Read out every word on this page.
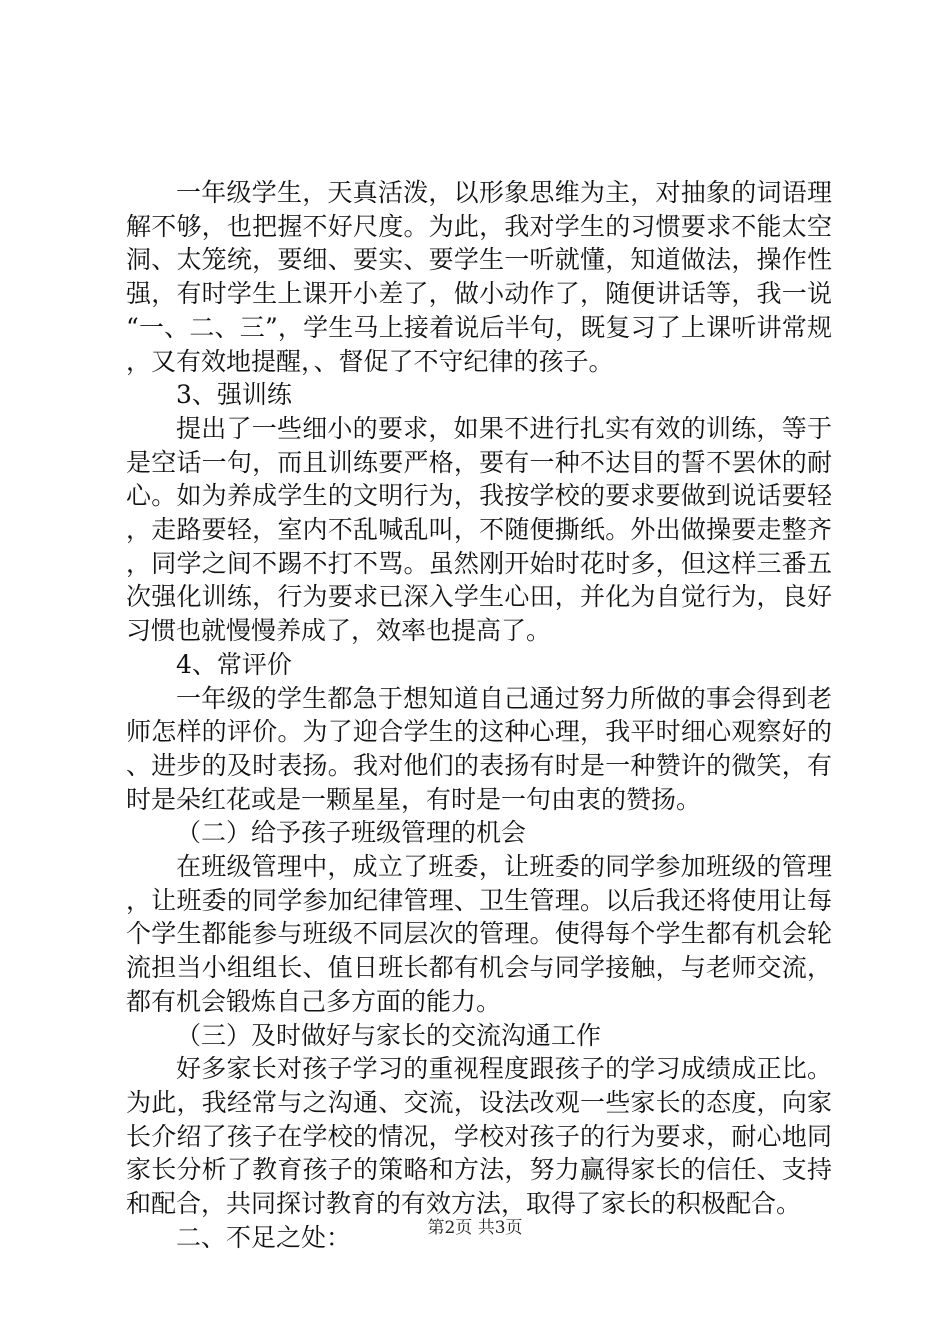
一年级学生，天真活泼，以形象思维为主，对抽象的词语理解不够，也把握不好尺度。为此，我对学生的习惯要求不能太空洞、太笼统，要细、要实、要学生一听就懂，知道做法，操作性强，有时学生上课开小差了，做小动作了，随便讲话等，我一说“一、二、三”，学生马上接着说后半句，既复习了上课听讲常规，又有效地提醒，、督促了不守纪律的孩子。

3、强训练

提出了一些细小的要求，如果不进行扎实有效的训练，等于是空话一句，而且训练要严格，要有一种不达目的誓不罢休的耐心。如为养成学生的文明行为，我按学校的要求要做到说话要轻，走路要轻，室内不乱喊乱叫，不随便撕纸。外出做操要走整齐，同学之间不踢不打不骂。虽然刚开始时花时多，但这样三番五次强化训练，行为要求已深入学生心田，并化为自觉行为，良好习惯也就慢慢养成了，效率也提高了。

4、常评价

一年级的学生都急于想知道自己通过努力所做的事会得到老师怎样的评价。为了迎合学生的这种心理，我平时细心观察好的、进步的及时表扬。我对他们的表扬有时是一种赞许的微笑，有时是朵红花或是一颗星星，有时是一句由衷的赞扬。

（二）给予孩子班级管理的机会

在班级管理中，成立了班委，让班委的同学参加班级的管理，让班委的同学参加纪律管理、卫生管理。以后我还将使用让每个学生都能参与班级不同层次的管理。使得每个学生都有机会轮流担当小组组长、值日班长都有机会与同学接触，与老师交流，都有机会锻炼自己多方面的能力。

（三）及时做好与家长的交流沟通工作

好多家长对孩子学习的重视程度跟孩子的学习成绩成正比。为此，我经常与之沟通、交流，设法改观一些家长的态度，向家长介绍了孩子在学校的情况，学校对孩子的行为要求，耐心地同家长分析了教育孩子的策略和方法，努力赢得家长的信任、支持和配合，共同探讨教育的有效方法，取得了家长的积极配合。

二、不足之处：	第2页 共3页
